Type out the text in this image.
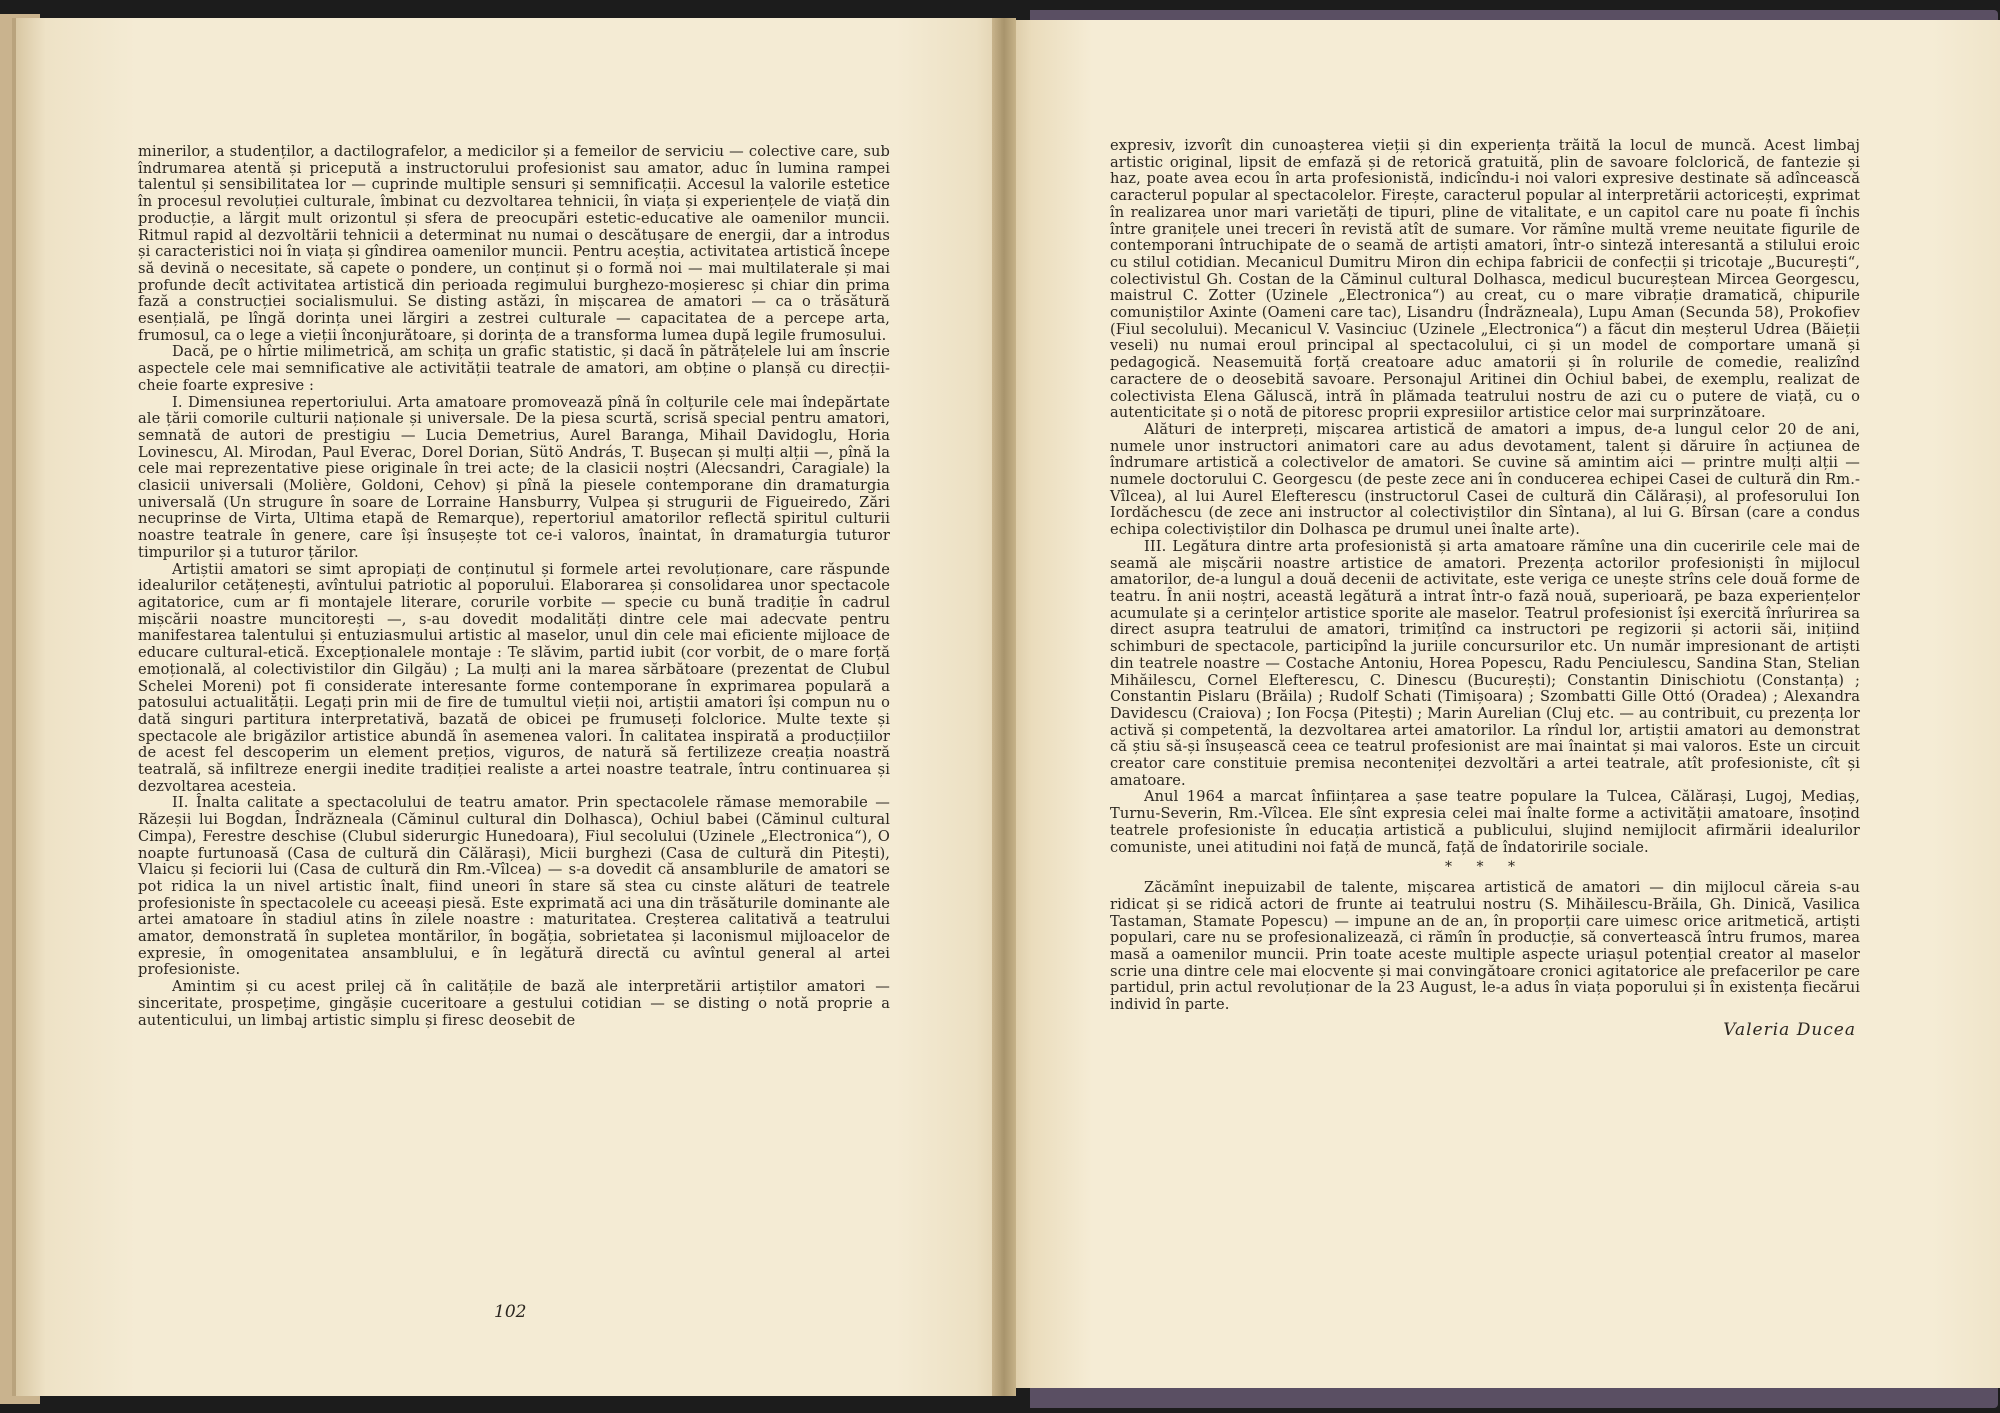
minerilor, a studenților, a dactilografelor, a medicilor și a femeilor de serviciu — colective care, sub îndrumarea atentă și pricepută a instructorului profesionist sau amator, aduc în lumina rampei talentul și sensibilitatea lor — cuprinde multiple sensuri și semnificații. Accesul la valorile estetice în procesul revoluției culturale, îmbinat cu dezvoltarea tehnicii, în viața și experiențele de viață din producție, a lărgit mult orizontul și sfera de preocupări estetic-educative ale oamenilor muncii. Ritmul rapid al dezvoltării tehnicii a determinat nu numai o descătușare de energii, dar a introdus și caracteristici noi în viața și gîndirea oamenilor muncii. Pentru aceștia, activitatea artistică începe să devină o necesitate, să capete o pondere, un conținut și o formă noi — mai multilaterale și mai profunde decît activitatea artistică din perioada regimului burghezo-moșieresc și chiar din prima fază a construcției socialismului. Se disting astăzi, în mișcarea de amatori — ca o trăsătură esențială, pe lîngă dorința unei lărgiri a zestrei culturale — capacitatea de a percepe arta, frumosul, ca o lege a vieții înconjurătoare, și dorința de a transforma lumea după legile frumosului.

Dacă, pe o hîrtie milimetrică, am schița un grafic statistic, și dacă în pătrățelele lui am înscrie aspectele cele mai semnificative ale activității teatrale de amatori, am obține o planșă cu direcții-cheie foarte expresive :

I. Dimensiunea repertoriului. Arta amatoare promovează pînă în colțurile cele mai îndepărtate ale țării comorile culturii naționale și universale. De la piesa scurtă, scrisă special pentru amatori, semnată de autori de prestigiu — Lucia Demetrius, Aurel Baranga, Mihail Davidoglu, Horia Lovinescu, Al. Mirodan, Paul Everac, Dorel Dorian, Sütö András, T. Bușecan și mulți alții —, pînă la cele mai reprezentative piese originale în trei acte; de la clasicii noștri (Alecsandri, Caragiale) la clasicii universali (Molière, Goldoni, Cehov) și pînă la piesele contemporane din dramaturgia universală (Un strugure în soare de Lorraine Hansburry, Vulpea și strugurii de Figueiredo, Zări necuprinse de Virta, Ultima etapă de Remarque), repertoriul amatorilor reflectă spiritul culturii noastre teatrale în genere, care își însușește tot ce-i valoros, înaintat, în dramaturgia tuturor timpurilor și a tuturor țărilor.

Artiștii amatori se simt apropiați de conținutul și formele artei revoluționare, care răspunde idealurilor cetățenești, avîntului patriotic al poporului. Elaborarea și consolidarea unor spectacole agitatorice, cum ar fi montajele literare, corurile vorbite — specie cu bună tradiție în cadrul mișcării noastre muncitorești —, s-au dovedit modalități dintre cele mai adecvate pentru manifestarea talentului și entuziasmului artistic al maselor, unul din cele mai eficiente mijloace de educare cultural-etică. Excepționalele montaje : Te slăvim, partid iubit (cor vorbit, de o mare forță emoțională, al colectivistilor din Gilgău) ; La mulți ani la marea sărbătoare (prezentat de Clubul Schelei Moreni) pot fi considerate interesante forme contemporane în exprimarea populară a patosului actualității. Legați prin mii de fire de tumultul vieții noi, artiștii amatori își compun nu o dată singuri partitura interpretativă, bazată de obicei pe frumuseți folclorice. Multe texte și spectacole ale brigăzilor artistice abundă în asemenea valori. În calitatea inspirată a producțiilor de acest fel descoperim un element prețios, viguros, de natură să fertilizeze creația noastră teatrală, să infiltreze energii inedite tradiției realiste a artei noastre teatrale, întru continuarea și dezvoltarea acesteia.

II. Înalta calitate a spectacolului de teatru amator. Prin spectacolele rămase memorabile — Răzeșii lui Bogdan, Îndrăzneala (Căminul cultural din Dolhasca), Ochiul babei (Căminul cultural Cimpa), Ferestre deschise (Clubul siderurgic Hunedoara), Fiul secolului (Uzinele „Electronica“), O noapte furtunoasă (Casa de cultură din Călărași), Micii burghezi (Casa de cultură din Pitești), Vlaicu și feciorii lui (Casa de cultură din Rm.-Vîlcea) — s-a dovedit că ansamblurile de amatori se pot ridica la un nivel artistic înalt, fiind uneori în stare să stea cu cinste alături de teatrele profesioniste în spectacolele cu aceeași piesă. Este exprimată aci una din trăsăturile dominante ale artei amatoare în stadiul atins în zilele noastre : maturitatea. Creșterea calitativă a teatrului amator, demonstrată în supletea montărilor, în bogăția, sobrietatea și laconismul mijloacelor de expresie, în omogenitatea ansamblului, e în legătură directă cu avîntul general al artei profesioniste.

Amintim și cu acest prilej că în calitățile de bază ale interpretării artiștilor amatori — sinceritate, prospețime, gingășie cuceritoare a gestului cotidian — se disting o notă proprie a autenticului, un limbaj artistic simplu și firesc deosebit de

102

expresiv, izvorît din cunoașterea vieții și din experiența trăită la locul de muncă. Acest limbaj artistic original, lipsit de emfază și de retorică gratuită, plin de savoare folclorică, de fantezie și haz, poate avea ecou în arta profesionistă, indicîndu-i noi valori expresive destinate să adîncească caracterul popular al spectacolelor. Firește, caracterul popular al interpretării actoricești, exprimat în realizarea unor mari varietăți de tipuri, pline de vitalitate, e un capitol care nu poate fi închis între granițele unei treceri în revistă atît de sumare. Vor rămîne multă vreme neuitate figurile de contemporani întruchipate de o seamă de artiști amatori, într-o sinteză interesantă a stilului eroic cu stilul cotidian. Mecanicul Dumitru Miron din echipa fabricii de confecții și tricotaje „București“, colectivistul Gh. Costan de la Căminul cultural Dolhasca, medicul bucureștean Mircea Georgescu, maistrul C. Zotter (Uzinele „Electronica“) au creat, cu o mare vibrație dramatică, chipurile comuniștilor Axinte (Oameni care tac), Lisandru (Îndrăzneala), Lupu Aman (Secunda 58), Prokofiev (Fiul secolului). Mecanicul V. Vasinciuc (Uzinele „Electronica“) a făcut din meșterul Udrea (Băieții veseli) nu numai eroul principal al spectacolului, ci și un model de comportare umană și pedagogică. Neasemuită forță creatoare aduc amatorii și în rolurile de comedie, realizînd caractere de o deosebită savoare. Personajul Aritinei din Ochiul babei, de exemplu, realizat de colectivista Elena Găluscă, intră în plămada teatrului nostru de azi cu o putere de viață, cu o autenticitate și o notă de pitoresc proprii expresiilor artistice celor mai surprinzătoare.

Alături de interpreți, mișcarea artistică de amatori a impus, de-a lungul celor 20 de ani, numele unor instructori animatori care au adus devotament, talent și dăruire în acțiunea de îndrumare artistică a colectivelor de amatori. Se cuvine să amintim aici — printre mulți alții — numele doctorului C. Georgescu (de peste zece ani în conducerea echipei Casei de cultură din Rm.-Vîlcea), al lui Aurel Elefterescu (instructorul Casei de cultură din Călărași), al profesorului Ion Iordăchescu (de zece ani instructor al colectiviștilor din Sîntana), al lui G. Bîrsan (care a condus echipa colectiviștilor din Dolhasca pe drumul unei înalte arte).

III. Legătura dintre arta profesionistă și arta amatoare rămîne una din cuceririle cele mai de seamă ale mișcării noastre artistice de amatori. Prezența actorilor profesioniști în mijlocul amatorilor, de-a lungul a două decenii de activitate, este veriga ce unește strîns cele două forme de teatru. În anii noștri, această legătură a intrat într-o fază nouă, superioară, pe baza experiențelor acumulate și a cerințelor artistice sporite ale maselor. Teatrul profesionist își exercită înrîurirea sa direct asupra teatrului de amatori, trimițînd ca instructori pe regizorii și actorii săi, inițiind schimburi de spectacole, participînd la juriile concursurilor etc. Un număr impresionant de artiști din teatrele noastre — Costache Antoniu, Horea Popescu, Radu Penciulescu, Sandina Stan, Stelian Mihăilescu, Cornel Elefterescu, C. Dinescu (București); Constantin Dinischiotu (Constanța) ; Constantin Pislaru (Brăila) ; Rudolf Schati (Timișoara) ; Szombatti Gille Ottó (Oradea) ; Alexandra Davidescu (Craiova) ; Ion Focșa (Pitești) ; Marin Aurelian (Cluj etc. — au contribuit, cu prezența lor activă și competentă, la dezvoltarea artei amatorilor. La rîndul lor, artiștii amatori au demonstrat că știu să-și însușească ceea ce teatrul profesionist are mai înaintat și mai valoros. Este un circuit creator care constituie premisa neconteniței dezvoltări a artei teatrale, atît profesioniste, cît și amatoare.

Anul 1964 a marcat înființarea a șase teatre populare la Tulcea, Călărași, Lugoj, Mediaș, Turnu-Severin, Rm.-Vîlcea. Ele sînt expresia celei mai înalte forme a activității amatoare, însoțind teatrele profesioniste în educația artistică a publicului, slujind nemijlocit afirmării idealurilor comuniste, unei atitudini noi față de muncă, față de îndatoririle sociale.

* * *

Zăcămînt inepuizabil de talente, mișcarea artistică de amatori — din mijlocul căreia s-au ridicat și se ridică actori de frunte ai teatrului nostru (S. Mihăilescu-Brăila, Gh. Dinică, Vasilica Tastaman, Stamate Popescu) — impune an de an, în proporții care uimesc orice aritmetică, artiști populari, care nu se profesionalizează, ci rămîn în producție, să convertească întru frumos, marea masă a oamenilor muncii. Prin toate aceste multiple aspecte uriașul potențial creator al maselor scrie una dintre cele mai elocvente și mai convingătoare cronici agitatorice ale prefacerilor pe care partidul, prin actul revoluționar de la 23 August, le-a adus în viața poporului și în existența fiecărui individ în parte.

Valeria Ducea
